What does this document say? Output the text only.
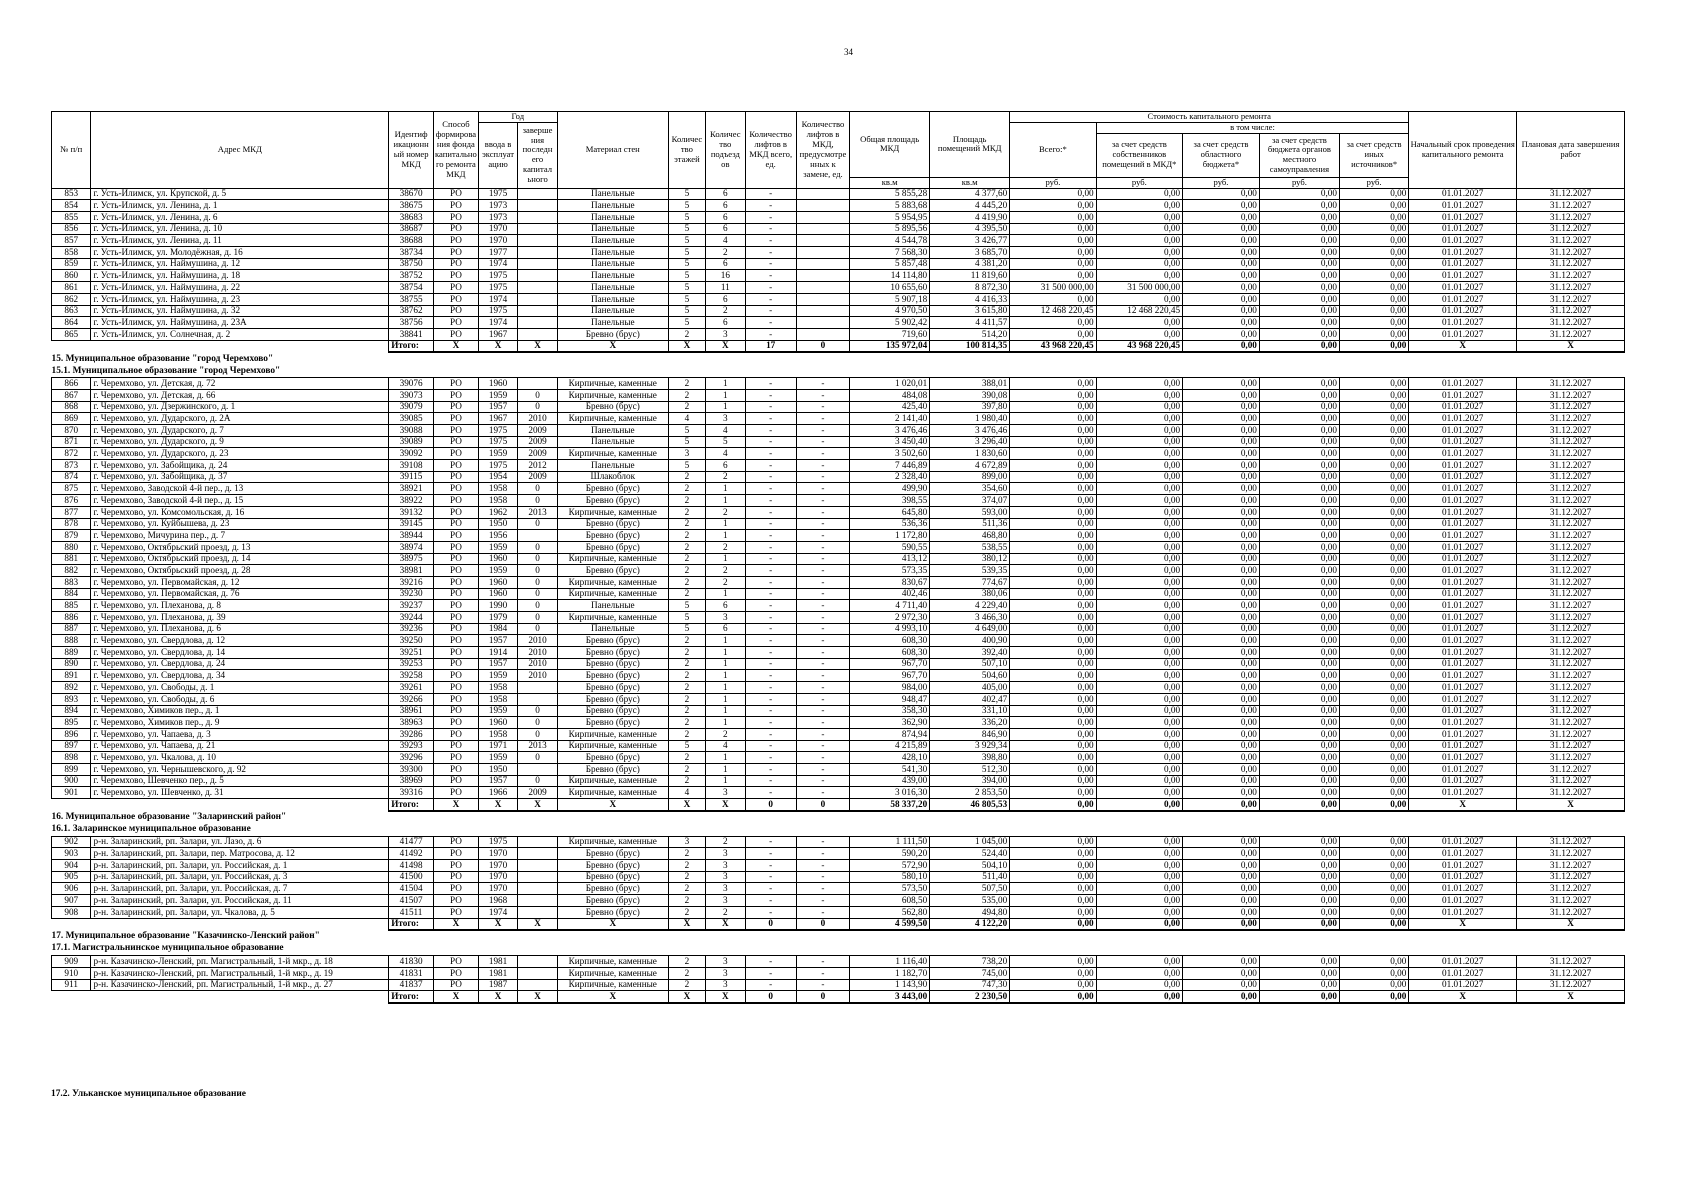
34
№ п/п	Адрес МКД	Идентиф икационн ый номер МКД	Способ формирова ния фонда капитально го ремонта МКД	Год		Материал стен	Количес тво этажей	Количес тво подъезд ов	Количество лифтов в МКД всего, ед.	Количество лифтов в МКД, предусмотре нных к замене, ед.	Общая площадь МКД	Площадь помещений МКД	Стоимость капитального ремонта					Начальный срок проведения капитального ремонта	Плановая дата завершения работ
				ввода в эксплуат ацию	заверше ния последн его капитал ьного								Всего:*	в том числе:					
														за счет средств собственников помещений в МКД*	за счет средств областного бюджета*	за счет средств бюджета органов местного самоуправления	за счет средств иных источников*		
											кв.м	кв.м	руб.	руб.	руб.	руб.	руб.		
853	г. Усть-Илимск, ул. Крупской, д. 5	38670	РО	1975		Панельные	5	6	-		5 855,28	4 377,60	0,00	0,00	0,00	0,00	0,00	01.01.2027	31.12.2027
854	г. Усть-Илимск, ул. Ленина, д. 1	38675	РО	1973		Панельные	5	6	-		5 883,68	4 445,20	0,00	0,00	0,00	0,00	0,00	01.01.2027	31.12.2027
855	г. Усть-Илимск, ул. Ленина, д. 6	38683	РО	1973		Панельные	5	6	-		5 954,95	4 419,90	0,00	0,00	0,00	0,00	0,00	01.01.2027	31.12.2027
856	г. Усть-Илимск, ул. Ленина, д. 10	38687	РО	1970		Панельные	5	6	-		5 895,56	4 395,50	0,00	0,00	0,00	0,00	0,00	01.01.2027	31.12.2027
857	г. Усть-Илимск, ул. Ленина, д. 11	38688	РО	1970		Панельные	5	4	-		4 544,78	3 426,77	0,00	0,00	0,00	0,00	0,00	01.01.2027	31.12.2027
858	г. Усть-Илимск, ул. Молодёжная, д. 16	38734	РО	1977		Панельные	5	2	-		7 568,30	3 685,70	0,00	0,00	0,00	0,00	0,00	01.01.2027	31.12.2027
859	г. Усть-Илимск, ул. Наймушина, д. 12	38750	РО	1974		Панельные	5	6	-		5 857,48	4 381,20	0,00	0,00	0,00	0,00	0,00	01.01.2027	31.12.2027
860	г. Усть-Илимск, ул. Наймушина, д. 18	38752	РО	1975		Панельные	5	16	-		14 114,80	11 819,60	0,00	0,00	0,00	0,00	0,00	01.01.2027	31.12.2027
861	г. Усть-Илимск, ул. Наймушина, д. 22	38754	РО	1975		Панельные	5	11	-		10 655,60	8 872,30	31 500 000,00	31 500 000,00	0,00	0,00	0,00	01.01.2027	31.12.2027
862	г. Усть-Илимск, ул. Наймушина, д. 23	38755	РО	1974		Панельные	5	6	-		5 907,18	4 416,33	0,00	0,00	0,00	0,00	0,00	01.01.2027	31.12.2027
863	г. Усть-Илимск, ул. Наймушина, д. 32	38762	РО	1975		Панельные	5	2	-		4 970,50	3 615,80	12 468 220,45	12 468 220,45	0,00	0,00	0,00	01.01.2027	31.12.2027
864	г. Усть-Илимск, ул. Наймушина, д. 23А	38756	РО	1974		Панельные	5	6	-		5 902,42	4 411,57	0,00	0,00	0,00	0,00	0,00	01.01.2027	31.12.2027
865	г. Усть-Илимск, ул. Солнечная, д. 2	38841	РО	1967		Бревно (брус)	2	3	-		719,60	514,20	0,00	0,00	0,00	0,00	0,00	01.01.2027	31.12.2027
		Итого:	X	X	X	X	X	X	17	0	135 972,04	100 814,35	43 968 220,45	43 968 220,45	0,00	0,00	0,00	X	X
15. Муниципальное образование "город Черемхово"																			
15.1. Муниципальное образование "город Черемхово"																			
866	г. Черемхово, ул. Детская, д. 72	39076	РО	1960		Кирпичные, каменные	2	1	-	-	1 020,01	388,01	0,00	0,00	0,00	0,00	0,00	01.01.2027	31.12.2027
867	г. Черемхово, ул. Детская, д. 66	39073	РО	1959	0	Кирпичные, каменные	2	1	-	-	484,08	390,08	0,00	0,00	0,00	0,00	0,00	01.01.2027	31.12.2027
868	г. Черемхово, ул. Дзержинского, д. 1	39079	РО	1957	0	Бревно (брус)	2	1	-	-	425,40	397,80	0,00	0,00	0,00	0,00	0,00	01.01.2027	31.12.2027
869	г. Черемхово, ул. Дударского, д. 2А	39085	РО	1967	2010	Кирпичные, каменные	4	3	-	-	2 141,40	1 980,40	0,00	0,00	0,00	0,00	0,00	01.01.2027	31.12.2027
870	г. Черемхово, ул. Дударского, д. 7	39088	РО	1975	2009	Панельные	5	4	-	-	3 476,46	3 476,46	0,00	0,00	0,00	0,00	0,00	01.01.2027	31.12.2027
871	г. Черемхово, ул. Дударского, д. 9	39089	РО	1975	2009	Панельные	5	5	-	-	3 450,40	3 296,40	0,00	0,00	0,00	0,00	0,00	01.01.2027	31.12.2027
872	г. Черемхово, ул. Дударского, д. 23	39092	РО	1959	2009	Кирпичные, каменные	3	4	-	-	3 502,60	1 830,60	0,00	0,00	0,00	0,00	0,00	01.01.2027	31.12.2027
873	г. Черемхово, ул. Забойщика, д. 24	39108	РО	1975	2012	Панельные	5	6	-	-	7 446,89	4 672,89	0,00	0,00	0,00	0,00	0,00	01.01.2027	31.12.2027
874	г. Черемхово, ул. Забойщика, д. 37	39115	РО	1954	2009	Шлакоблок	2	2	-	-	2 328,40	899,00	0,00	0,00	0,00	0,00	0,00	01.01.2027	31.12.2027
875	г. Черемхово, Заводской 4-й пер., д. 13	38921	РО	1958	0	Бревно (брус)	2	1	-	-	499,90	354,60	0,00	0,00	0,00	0,00	0,00	01.01.2027	31.12.2027
876	г. Черемхово, Заводской 4-й пер., д. 15	38922	РО	1958	0	Бревно (брус)	2	1	-	-	398,55	374,07	0,00	0,00	0,00	0,00	0,00	01.01.2027	31.12.2027
877	г. Черемхово, ул. Комсомольская, д. 16	39132	РО	1962	2013	Кирпичные, каменные	2	2	-	-	645,80	593,00	0,00	0,00	0,00	0,00	0,00	01.01.2027	31.12.2027
878	г. Черемхово, ул. Куйбышева, д. 23	39145	РО	1950	0	Бревно (брус)	2	1	-	-	536,36	511,36	0,00	0,00	0,00	0,00	0,00	01.01.2027	31.12.2027
879	г. Черемхово, Мичурина пер., д. 7	38944	РО	1956		Бревно (брус)	2	1	-	-	1 172,80	468,80	0,00	0,00	0,00	0,00	0,00	01.01.2027	31.12.2027
880	г. Черемхово, Октябрьский проезд, д. 13	38974	РО	1959	0	Бревно (брус)	2	2	-	-	590,55	538,55	0,00	0,00	0,00	0,00	0,00	01.01.2027	31.12.2027
881	г. Черемхово, Октябрьский проезд, д. 14	38975	РО	1960	0	Кирпичные, каменные	2	1	-	-	413,12	380,12	0,00	0,00	0,00	0,00	0,00	01.01.2027	31.12.2027
882	г. Черемхово, Октябрьский проезд, д. 28	38981	РО	1959	0	Бревно (брус)	2	2	-	-	573,35	539,35	0,00	0,00	0,00	0,00	0,00	01.01.2027	31.12.2027
883	г. Черемхово, ул. Первомайская, д. 12	39216	РО	1960	0	Кирпичные, каменные	2	2	-	-	830,67	774,67	0,00	0,00	0,00	0,00	0,00	01.01.2027	31.12.2027
884	г. Черемхово, ул. Первомайская, д. 76	39230	РО	1960	0	Кирпичные, каменные	2	1	-	-	402,46	380,06	0,00	0,00	0,00	0,00	0,00	01.01.2027	31.12.2027
885	г. Черемхово, ул. Плеханова, д. 8	39237	РО	1990	0	Панельные	5	6	-	-	4 711,40	4 229,40	0,00	0,00	0,00	0,00	0,00	01.01.2027	31.12.2027
886	г. Черемхово, ул. Плеханова, д. 39	39244	РО	1979	0	Кирпичные, каменные	5	3	-	-	2 972,30	3 466,30	0,00	0,00	0,00	0,00	0,00	01.01.2027	31.12.2027
887	г. Черемхово, ул. Плеханова, д. 6	39236	РО	1984	0	Панельные	5	6	-	-	4 993,10	4 649,00	0,00	0,00	0,00	0,00	0,00	01.01.2027	31.12.2027
888	г. Черемхово, ул. Свердлова, д. 12	39250	РО	1957	2010	Бревно (брус)	2	1	-	-	608,30	400,90	0,00	0,00	0,00	0,00	0,00	01.01.2027	31.12.2027
889	г. Черемхово, ул. Свердлова, д. 14	39251	РО	1914	2010	Бревно (брус)	2	1	-	-	608,30	392,40	0,00	0,00	0,00	0,00	0,00	01.01.2027	31.12.2027
890	г. Черемхово, ул. Свердлова, д. 24	39253	РО	1957	2010	Бревно (брус)	2	1	-	-	967,70	507,10	0,00	0,00	0,00	0,00	0,00	01.01.2027	31.12.2027
891	г. Черемхово, ул. Свердлова, д. 34	39258	РО	1959	2010	Бревно (брус)	2	1	-	-	967,70	504,60	0,00	0,00	0,00	0,00	0,00	01.01.2027	31.12.2027
892	г. Черемхово, ул. Свободы, д. 1	39261	РО	1958		Бревно (брус)	2	1	-	-	984,00	405,00	0,00	0,00	0,00	0,00	0,00	01.01.2027	31.12.2027
893	г. Черемхово, ул. Свободы, д. 6	39266	РО	1958		Бревно (брус)	2	1	-	-	948,47	402,47	0,00	0,00	0,00	0,00	0,00	01.01.2027	31.12.2027
894	г. Черемхово, Химиков пер., д. 1	38961	РО	1959	0	Бревно (брус)	2	1	-	-	358,30	331,10	0,00	0,00	0,00	0,00	0,00	01.01.2027	31.12.2027
895	г. Черемхово, Химиков пер., д. 9	38963	РО	1960	0	Бревно (брус)	2	1	-	-	362,90	336,20	0,00	0,00	0,00	0,00	0,00	01.01.2027	31.12.2027
896	г. Черемхово, ул. Чапаева, д. 3	39286	РО	1958	0	Кирпичные, каменные	2	2	-	-	874,94	846,90	0,00	0,00	0,00	0,00	0,00	01.01.2027	31.12.2027
897	г. Черемхово, ул. Чапаева, д. 21	39293	РО	1971	2013	Кирпичные, каменные	5	4	-	-	4 215,89	3 929,34	0,00	0,00	0,00	0,00	0,00	01.01.2027	31.12.2027
898	г. Черемхово, ул. Чкалова, д. 10	39296	РО	1959	0	Бревно (брус)	2	1	-	-	428,10	398,80	0,00	0,00	0,00	0,00	0,00	01.01.2027	31.12.2027
899	г. Черемхово, ул. Чернышевского, д. 92	39300	РО	1950		Бревно (брус)	2	1	-	-	541,30	512,30	0,00	0,00	0,00	0,00	0,00	01.01.2027	31.12.2027
900	г. Черемхово, Шевченко пер., д. 5	38969	РО	1957	0	Кирпичные, каменные	2	1	-	-	439,00	394,00	0,00	0,00	0,00	0,00	0,00	01.01.2027	31.12.2027
901	г. Черемхово, ул. Шевченко, д. 31	39316	РО	1966	2009	Кирпичные, каменные	4	3	-	-	3 016,30	2 853,50	0,00	0,00	0,00	0,00	0,00	01.01.2027	31.12.2027
		Итого:	X	X	X	X	X	X	0	0	58 337,20	46 805,53	0,00	0,00	0,00	0,00	0,00	X	X
16. Муниципальное образование "Заларинский район"																			
16.1. Заларинское муниципальное образование																			
902	р-н. Заларинский, рп. Залари, ул. Лазо, д. 6	41477	РО	1975		Кирпичные, каменные	3	2	-	-	1 111,50	1 045,00	0,00	0,00	0,00	0,00	0,00	01.01.2027	31.12.2027
903	р-н. Заларинский, рп. Залари, пер. Матросова, д. 12	41492	РО	1970		Бревно (брус)	2	3	-	-	590,20	524,40	0,00	0,00	0,00	0,00	0,00	01.01.2027	31.12.2027
904	р-н. Заларинский, рп. Залари, ул. Российская, д. 1	41498	РО	1970		Бревно (брус)	2	3	-	-	572,90	504,10	0,00	0,00	0,00	0,00	0,00	01.01.2027	31.12.2027
905	р-н. Заларинский, рп. Залари, ул. Российская, д. 3	41500	РО	1970		Бревно (брус)	2	3	-	-	580,10	511,40	0,00	0,00	0,00	0,00	0,00	01.01.2027	31.12.2027
906	р-н. Заларинский, рп. Залари, ул. Российская, д. 7	41504	РО	1970		Бревно (брус)	2	3	-	-	573,50	507,50	0,00	0,00	0,00	0,00	0,00	01.01.2027	31.12.2027
907	р-н. Заларинский, рп. Залари, ул. Российская, д. 11	41507	РО	1968		Бревно (брус)	2	3	-	-	608,50	535,00	0,00	0,00	0,00	0,00	0,00	01.01.2027	31.12.2027
908	р-н. Заларинский, рп. Залари, ул. Чкалова, д. 5	41511	РО	1974		Бревно (брус)	2	2	-	-	562,80	494,80	0,00	0,00	0,00	0,00	0,00	01.01.2027	31.12.2027
		Итого:	X	X	X	X	X	X	0	0	4 599,50	4 122,20	0,00	0,00	0,00	0,00	0,00	X	X
17. Муниципальное образование "Казачинско-Ленский район"																			
17.1. Магистральнинское муниципальное образование																			
909	р-н. Казачинско-Ленский, рп. Магистральный, 1-й мкр., д. 18	41830	РО	1981		Кирпичные, каменные	2	3	-	-	1 116,40	738,20	0,00	0,00	0,00	0,00	0,00	01.01.2027	31.12.2027
910	р-н. Казачинско-Ленский, рп. Магистральный, 1-й мкр., д. 19	41831	РО	1981		Кирпичные, каменные	2	3	-	-	1 182,70	745,00	0,00	0,00	0,00	0,00	0,00	01.01.2027	31.12.2027
911	р-н. Казачинско-Ленский, рп. Магистральный, 1-й мкр., д. 27	41837	РО	1987		Кирпичные, каменные	2	3	-	-	1 143,90	747,30	0,00	0,00	0,00	0,00	0,00	01.01.2027	31.12.2027
		Итого:	X	X	X	X	X	X	0	0	3 443,00	2 230,50	0,00	0,00	0,00	0,00	0,00	X	X
17.2. Ульканское муниципальное образование
